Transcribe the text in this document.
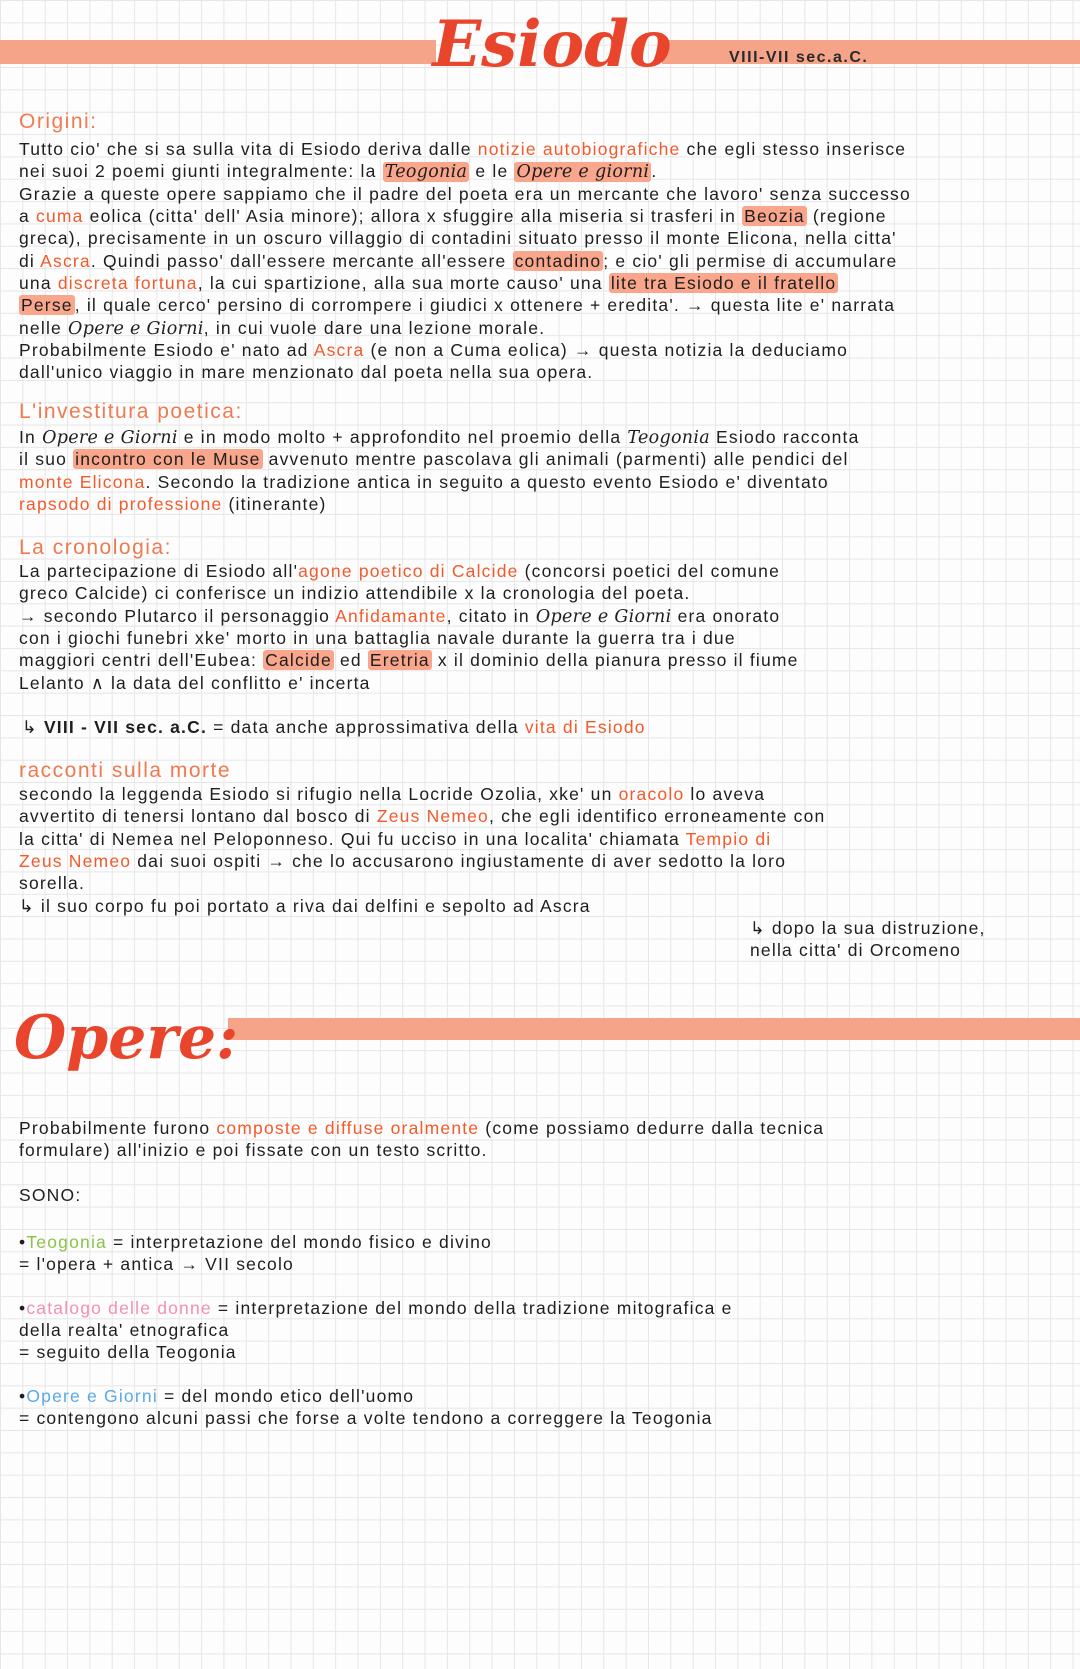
Esiodo	VIII-VII sec.a.C.
Origini:
Tutto cio' che si sa sulla vita di Esiodo deriva dalle notizie autobiografiche che egli stesso inserisce
nei suoi 2 poemi giunti integralmente: la Teogonia e le Opere e giorni .
Grazie a queste opere sappiamo che il padre del poeta era un mercante che lavoro' senza successo
a cuma eolica (citta' dell' Asia minore); allora x sfuggire alla miseria si trasferi in Beozia (regione
greca), precisamente in un oscuro villaggio di contadini situato presso il monte Elicona, nella citta'
di Ascra. Quindi passo' dall'essere mercante all'essere contadino ; e cio' gli permise di accumulare
una discreta fortuna, la cui spartizione, alla sua morte causo' una lite tra Esiodo e il fratello
Perse , il quale cerco' persino di corrompere i giudici x ottenere + eredita'. → questa lite e' narrata
nelle Opere e Giorni, in cui vuole dare una lezione morale.
Probabilmente Esiodo e' nato ad Ascra (e non a Cuma eolica) → questa notizia la deduciamo
dall'unico viaggio in mare menzionato dal poeta nella sua opera.
L'investitura poetica:
In Opere e Giorni e in modo molto + approfondito nel proemio della Teogonia Esiodo racconta
il suo incontro con le Muse avvenuto mentre pascolava gli animali (parmenti) alle pendici del
monte Elicona. Secondo la tradizione antica in seguito a questo evento Esiodo e' diventato
rapsodo di professione (itinerante)
La cronologia:
La partecipazione di Esiodo all'agone poetico di Calcide (concorsi poetici del comune
greco Calcide) ci conferisce un indizio attendibile x la cronologia del poeta.
→ secondo Plutarco il personaggio Anfidamante, citato in Opere e Giorni era onorato
con i giochi funebri xke' morto in una battaglia navale durante la guerra tra i due
maggiori centri dell'Eubea: Calcide ed Eretria x il dominio della pianura presso il fiume
Lelanto ∧ la data del conflitto e' incerta
↳ VIII - VII sec. a.C. = data anche approssimativa della vita di Esiodo
racconti sulla morte
secondo la leggenda Esiodo si rifugio nella Locride Ozolia, xke' un oracolo lo aveva
avvertito di tenersi lontano dal bosco di Zeus Nemeo, che egli identifico erroneamente con
la citta' di Nemea nel Peloponneso. Qui fu ucciso in una localita' chiamata Tempio di
Zeus Nemeo dai suoi ospiti → che lo accusarono ingiustamente di aver sedotto la loro
sorella.
↳ il suo corpo fu poi portato a riva dai delfini e sepolto ad Ascra
↳ dopo la sua distruzione,
nella citta' di Orcomeno
Opere:
Probabilmente furono composte e diffuse oralmente (come possiamo dedurre dalla tecnica
formulare) all'inizio e poi fissate con un testo scritto.
SONO:
•Teogonia = interpretazione del mondo fisico e divino
= l'opera + antica → VII secolo
•catalogo delle donne = interpretazione del mondo della tradizione mitografica e
della realta' etnografica
= seguito della Teogonia
•Opere e Giorni = del mondo etico dell'uomo
= contengono alcuni passi che forse a volte tendono a correggere la Teogonia
